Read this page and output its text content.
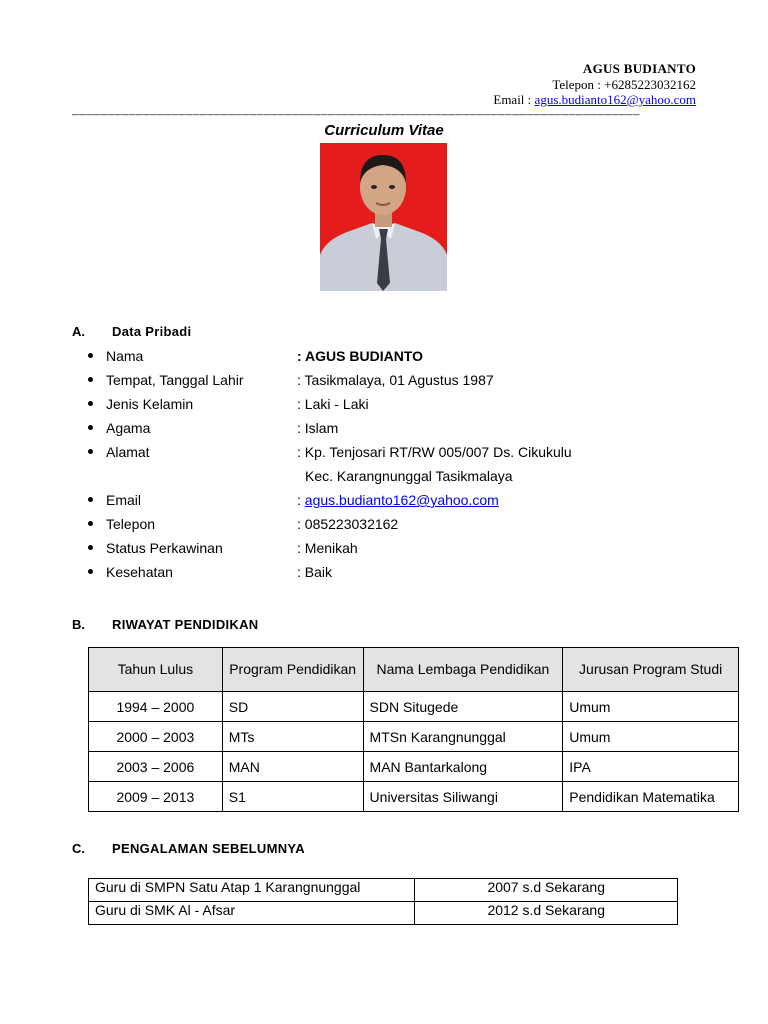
AGUS BUDIANTO
Telepon : +6285223032162
Email : agus.budianto162@yahoo.com
––––––––––––––––––––––––––––––––––––––––––––––––––––––––––––––––––––––––––––––––
Curriculum Vitae
A. Data Pribadi
Nama	: AGUS BUDIANTO
Tempat, Tanggal Lahir	: Tasikmalaya, 01 Agustus 1987
Jenis Kelamin	: Laki - Laki
Agama	: Islam
Alamat	: Kp. Tenjosari RT/RW 005/007 Ds. Cikukulu
Kec. Karangnunggal Tasikmalaya
Email	: agus.budianto162@yahoo.com
Telepon	: 085223032162
Status Perkawinan	: Menikah
Kesehatan	: Baik
B. RIWAYAT PENDIDIKAN
Tahun Lulus	Program Pendidikan	Nama Lembaga Pendidikan	Jurusan Program Studi
1994 – 2000	SD	SDN Situgede	Umum
2000 – 2003	MTs	MTSn Karangnunggal	Umum
2003 – 2006	MAN	MAN Bantarkalong	IPA
2009 – 2013	S1	Universitas Siliwangi	Pendidikan Matematika
C. PENGALAMAN SEBELUMNYA
Guru di SMPN Satu Atap 1 Karangnunggal	2007 s.d Sekarang
Guru di SMK Al - Afsar	2012 s.d Sekarang
